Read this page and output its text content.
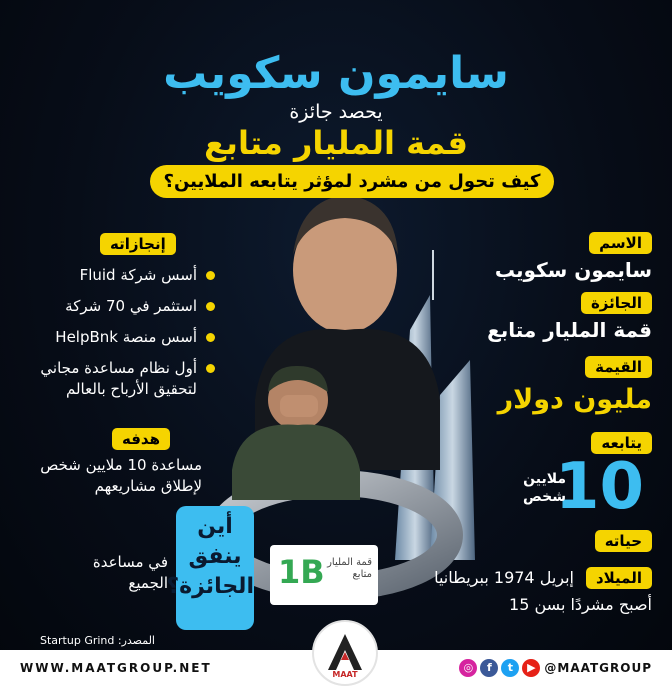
سايمون سكويب
يحصد جائزة
قمة المليار متابع
كيف تحول من مشرد لمؤثر يتابعه الملايين؟
إنجازاته
أسس شركة Fluid
استثمر في 70 شركة
أسس منصة HelpBnk
أول نظام مساعدة مجاني لتحقيق الأرباح بالعالم
هدفه
مساعدة 10 ملايين شخص لإطلاق مشاريعهم
في مساعدة الجميع
أين ينفق الجائزة؟
المصدر: Startup Grind
1B قمة المليار متابع
الاسم
سايمون سكويب
الجائزة
قمة المليار متابع
القيمة
مليون دولار
يتابعه
10
ملايين شخص
حياته
الميلاد
إبريل 1974 ببريطانيا
أصبح مشردًا بسن 15
WWW.MAATGROUP.NET	MAAT
◎	f	t	▶ @MAATGROUP
